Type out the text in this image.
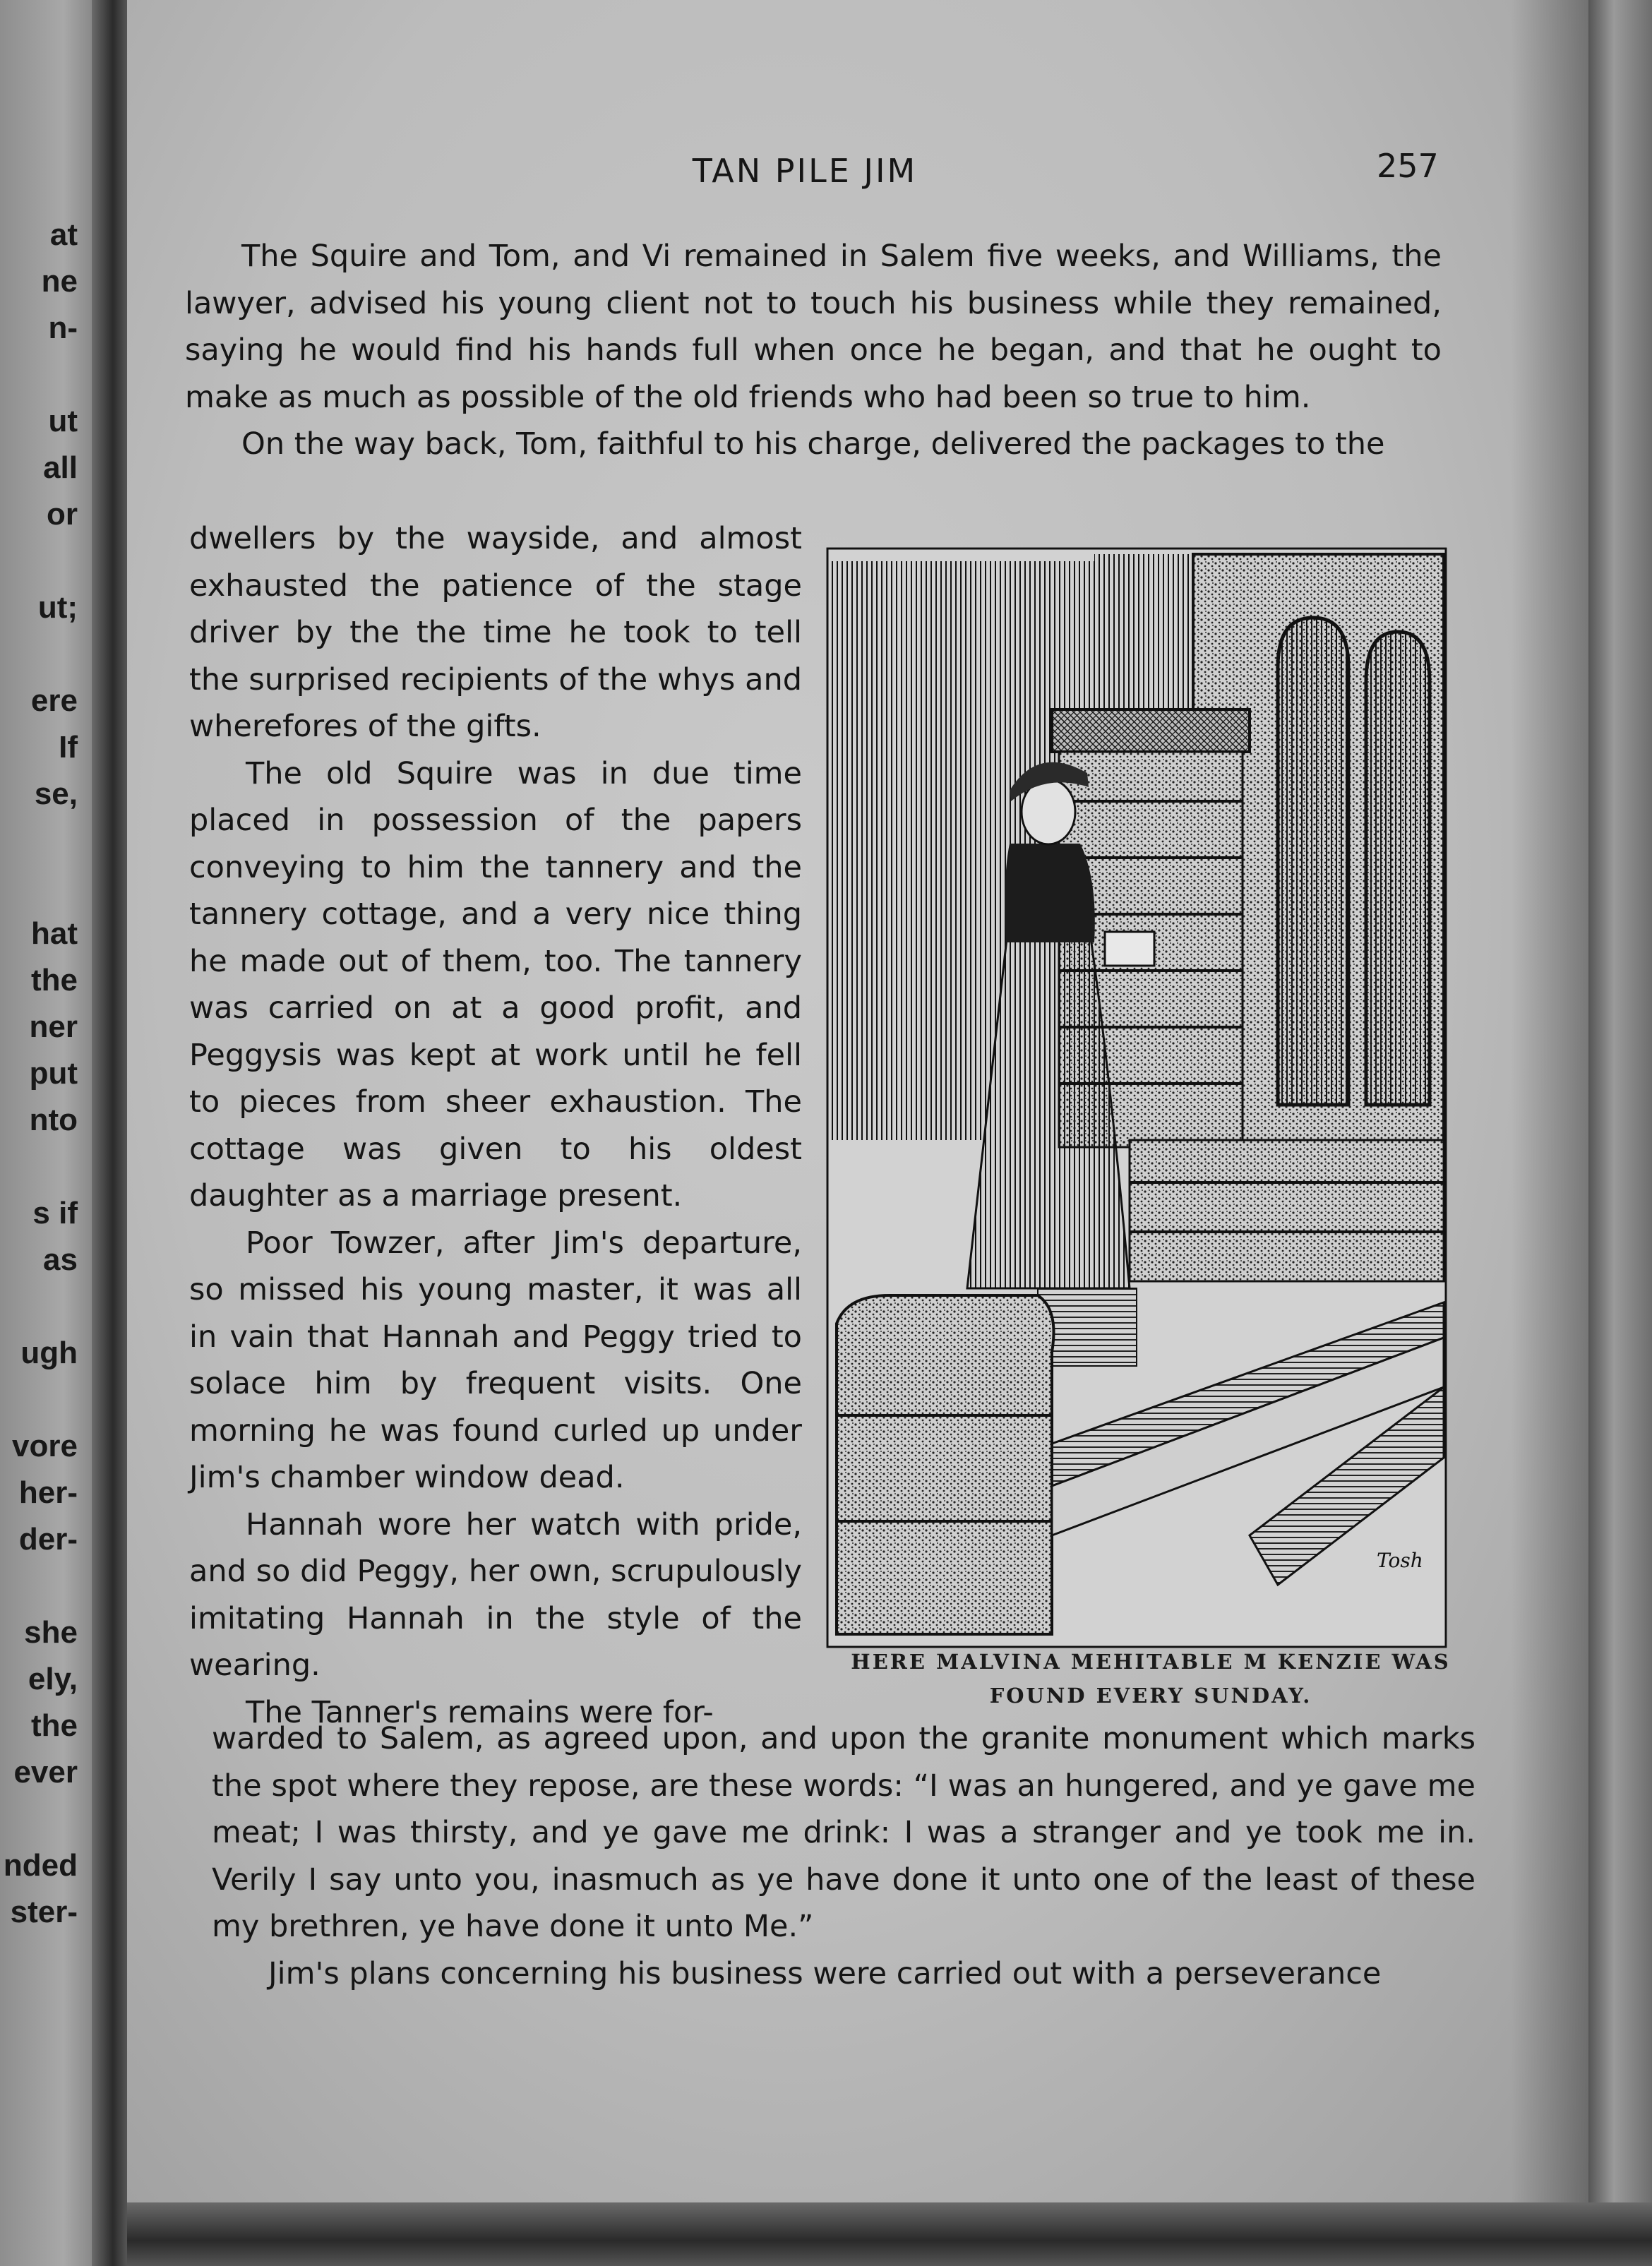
at
ne
n-
ut
all
or
ut;
ere
If
se,
hat
the
ner
put
nto
s if
as
ugh
vore
her-
der-
she
ely,
the
ever
nded
ster-
TAN PILE JIM	257

The Squire and Tom, and Vi remained in Salem five weeks, and Williams, the lawyer, advised his young client not to touch his business while they remained, saying he would find his hands full when once he began, and that he ought to make as much as possible of the old friends who had been so true to him.

On the way back, Tom, faithful to his charge, delivered the packages to the

dwellers by the wayside, and almost exhausted the patience of the stage driver by the the time he took to tell the surprised recipients of the whys and wherefores of the gifts.

The old Squire was in due time placed in possession of the papers conveying to him the tannery and the tannery cottage, and a very nice thing he made out of them, too. The tannery was carried on at a good profit, and Peggysis was kept at work until he fell to pieces from sheer exhaustion. The cottage was given to his oldest daughter as a marriage present.

Poor Towzer, after Jim's departure, so missed his young master, it was all in vain that Hannah and Peggy tried to solace him by frequent visits. One morning he was found curled up under Jim's chamber window dead.

Hannah wore her watch with pride, and so did Peggy, her own, scrupulously imitating Hannah in the style of the wearing.

The Tanner's remains were for-

Tosh
HERE MALVINA MEHITABLE M KENZIE WAS
FOUND EVERY SUNDAY.

warded to Salem, as agreed upon, and upon the granite monument which marks the spot where they repose, are these words: “I was an hungered, and ye gave me meat; I was thirsty, and ye gave me drink: I was a stranger and ye took me in. Verily I say unto you, inasmuch as ye have done it unto one of the least of these my brethren, ye have done it unto Me.”

Jim's plans concerning his business were carried out with a perseverance
